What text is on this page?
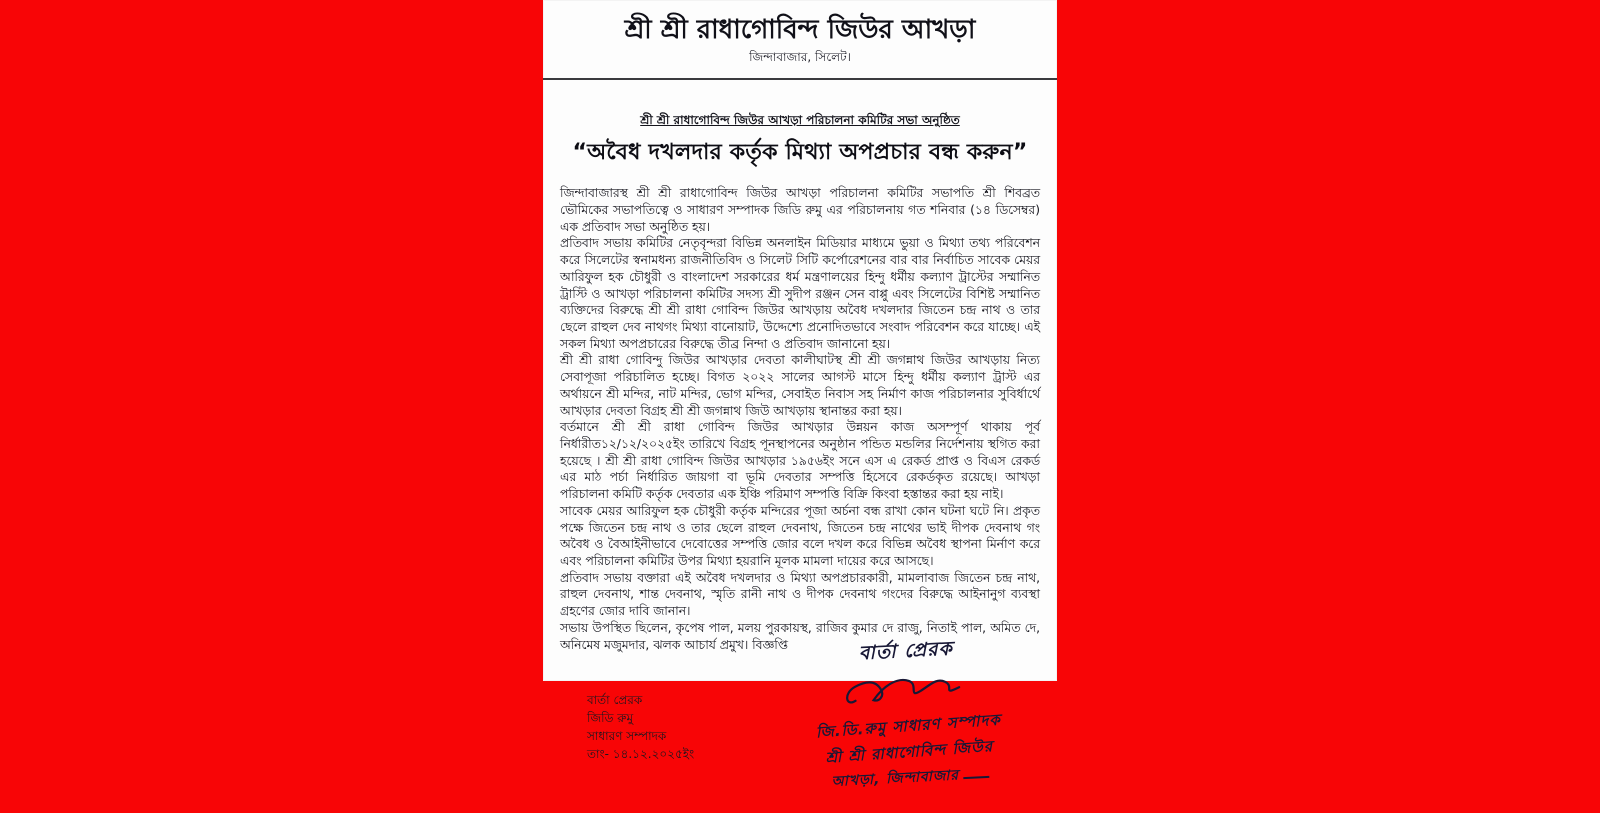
শ্রী শ্রী রাধাগোবিন্দ জিউর আখড়া
জিন্দাবাজার, সিলেট।
শ্রী শ্রী রাধাগোবিন্দ জিউর আখড়া পরিচালনা কমিটির সভা অনুষ্ঠিত
“অবৈধ দখলদার কর্তৃক মিথ্যা অপপ্রচার বন্ধ করুন”

জিন্দাবাজারস্থ শ্রী শ্রী রাধাগোবিন্দ জিউর আখড়া পরিচালনা কমিটির সভাপতি শ্রী শিবব্রত ভৌমিকের সভাপতিত্বে ও সাধারণ সম্পাদক জিডি রুমু এর পরিচালনায় গত শনিবার (১৪ ডিসেম্বর) এক প্রতিবাদ সভা অনুষ্ঠিত হয়।

প্রতিবাদ সভায় কমিটির নেতৃবৃন্দরা বিভিন্ন অনলাইন মিডিয়ার মাধ্যমে ভুয়া ও মিথ্যা তথ্য পরিবেশন করে সিলেটের স্বনামধন্য রাজনীতিবিদ ও সিলেট সিটি কর্পোরেশনের বার বার নির্বাচিত সাবেক মেয়র আরিফুল হক চৌধুরী ও বাংলাদেশ সরকারের ধর্ম মন্ত্রণালয়ের হিন্দু ধর্মীয় কল্যাণ ট্রাস্টের সম্মানিত ট্রাস্টি ও আখড়া পরিচালনা কমিটির সদস্য শ্রী সুদীপ রঞ্জন সেন বাপ্পু এবং সিলেটের বিশিষ্ট সম্মানিত ব্যক্তিদের বিরুদ্ধে শ্রী শ্রী রাধা গোবিন্দ জিউর আখড়ায় অবৈধ দখলদার জিতেন চন্দ্র নাথ ও তার ছেলে রাহুল দেব নাথগং মিথ্যা বানোয়াট, উদ্দেশ্যে প্রনোদিতভাবে সংবাদ পরিবেশন করে যাচ্ছে। এই সকল মিথ্যা অপপ্রচারের বিরুদ্ধে তীব্র নিন্দা ও প্রতিবাদ জানানো হয়।

শ্রী শ্রী রাধা গোবিন্দু জিউর আখড়ার দেবতা কালীঘাটস্থ শ্রী শ্রী জগন্নাথ জিউর আখড়ায় নিত্য সেবাপূজা পরিচালিত হচ্ছে। বিগত ২০২২ সালের আগস্ট মাসে হিন্দু ধর্মীয় কল্যাণ ট্রাস্ট এর অর্থায়নে শ্রী মন্দির, নাট মন্দির, ভোগ মন্দির, সেবাইত নিবাস সহ নির্মাণ কাজ পরিচালনার সুবির্ধার্থে আখড়ার দেবতা বিগ্রহ শ্রী শ্রী জগন্নাথ জিউ আখড়ায় স্থানান্তর করা হয়।

বর্তমানে শ্রী শ্রী রাধা গোবিন্দ জিউর আখড়ার উন্নয়ন কাজ অসম্পূর্ণ থাকায় পূর্ব নির্ধারীত১২/১২/২০২৫ইং তারিখে বিগ্রহ পূনস্থাপনের অনুষ্ঠান পন্ডিত মন্ডলির নির্দেশনায় স্থগিত করা হয়েছে । শ্রী শ্রী রাধা গোবিন্দ জিউর আখড়ার ১৯৫৬ইং সনে এস এ রেকর্ড প্রাপ্ত ও বিএস রেকর্ড এর মাঠ পর্চা নির্ধারিত জায়গা বা ভূমি দেবতার সম্পত্তি হিসেবে রেকর্ডকৃত রয়েছে। আখড়া পরিচালনা কমিটি কর্তৃক দেবতার এক ইঞ্চি পরিমাণ সম্পত্তি বিক্রি কিংবা হস্তান্তর করা হয় নাই।

সাবেক মেয়র আরিফুল হক চৌধুরী কর্তৃক মন্দিরের পূজা অর্চনা বন্ধ রাখা কোন ঘটনা ঘটে নি। প্রকৃত পক্ষে জিতেন চন্দ্র নাথ ও তার ছেলে রাহুল দেবনাথ, জিতেন চন্দ্র নাথের ভাই দীপক দেবনাথ গং অবৈধ ও বৈআইনীভাবে দেবোত্তের সম্পত্তি জোর বলে দখল করে বিভিন্ন অবৈধ স্থাপনা মির্নাণ করে এবং পরিচালনা কমিটির উপর মিথ্যা হয়রানি মূলক মামলা দায়ের করে আসছে।

প্রতিবাদ সভায় বক্তারা এই অবৈধ দখলদার ও মিথ্যা অপপ্রচারকারী, মামলাবাজ জিতেন চন্দ্র নাথ, রাহুল দেবনাথ, শান্ত দেবনাথ, স্মৃতি রানী নাথ ও দীপক দেবনাথ গংদের বিরুদ্ধে আইনানুগ ব্যবস্থা গ্রহণের জোর দাবি জানান।

সভায় উপস্থিত ছিলেন, কৃপেষ পাল, মলয় পুরকায়স্থ, রাজিব কুমার দে রাজু, নিতাই পাল, অমিত দে, অনিমেষ মজুমদার, ঝলক আচার্য প্রমুখ। বিজ্ঞপ্তি

বার্তা প্রেরক
জিডি রুমু
সাধারণ সম্পাদক
তাং- ১৪.১২.২০২৫ইং
বার্তা প্রেরক
জি.ডি.রুমু সাধারণ সম্পাদক
শ্রী শ্রী রাধাগোবিন্দ জিউর
আখড়া, জিন্দাবাজার
